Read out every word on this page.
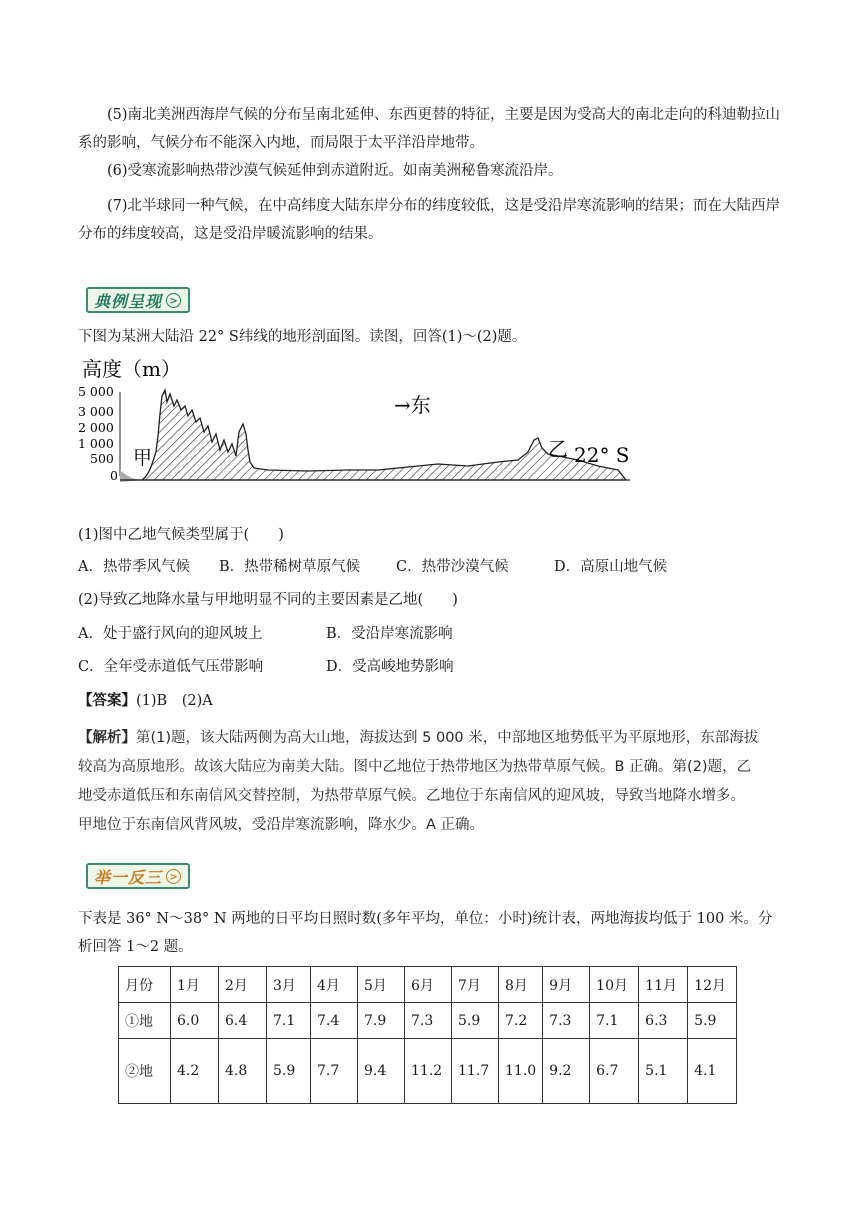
(5)南北美洲西海岸气候的分布呈南北延伸、东西更替的特征，主要是因为受高大的南北走向的科迪勒拉山系的影响，气候分布不能深入内地，而局限于太平洋沿岸地带。

(6)受寒流影响热带沙漠气候延伸到赤道附近。如南美洲秘鲁寒流沿岸。

(7)北半球同一种气候，在中高纬度大陆东岸分布的纬度较低，这是受沿岸寒流影响的结果；而在大陆西岸分布的纬度较高，这是受沿岸暖流影响的结果。

典例呈现 >

下图为某洲大陆沿 22° S纬线的地形剖面图。读图，回答(1)～(2)题。

高度（m）
5 000
3 000
2 000
1 000
500
0
→东
甲	乙 22° S
(1)图中乙地气候类型属于(　　)
A．热带季风气候 B．热带稀树草原气候 C．热带沙漠气候	D．高原山地气候
(2)导致乙地降水量与甲地明显不同的主要因素是乙地(　　)
A．处于盛行风向的迎风坡上	B．受沿岸寒流影响
C．全年受赤道低气压带影响	D．受高峻地势影响
【答案】(1)B　(2)A
【解析】第(1)题，该大陆两侧为高大山地，海拔达到 5 000 米，中部地区地势低平为平原地形，东部海拔
较高为高原地形。故该大陆应为南美大陆。图中乙地位于热带地区为热带草原气候。B 正确。第(2)题，乙
地受赤道低压和东南信风交替控制，为热带草原气候。乙地位于东南信风的迎风坡，导致当地降水增多。
甲地位于东南信风背风坡，受沿岸寒流影响，降水少。A 正确。
举一反三 >

下表是 36° N～38° N 两地的日平均日照时数(多年平均，单位：小时)统计表，两地海拔均低于 100 米。分析回答 1～2 题。

月份	1月	2月	3月	4月	5月	6月	7月	8月	9月	10月	11月	12月
①地	6.0	6.4	7.1	7.4	7.9	7.3	5.9	7.2	7.3	7.1	6.3	5.9
②地	4.2	4.8	5.9	7.7	9.4	11.2	11.7	11.0	9.2	6.7	5.1	4.1
